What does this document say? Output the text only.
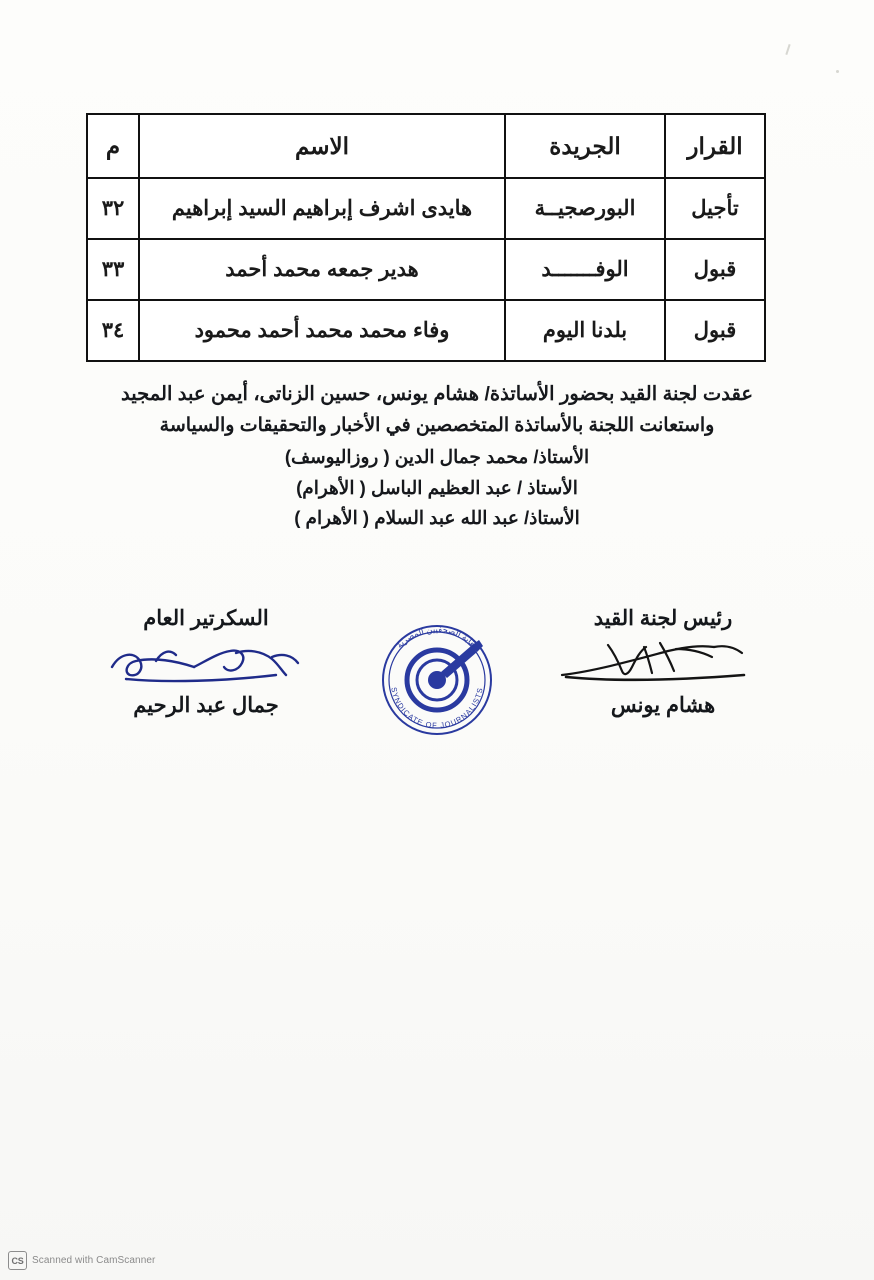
القرار	الجريدة	الاسم	م
تأجيل	البورصجيــة	هايدى اشرف إبراهيم السيد إبراهيم	٣٢
قبول	الوفـــــــد	هدير جمعه محمد أحمد	٣٣
قبول	بلدنا اليوم	وفاء محمد محمد أحمد محمود	٣٤

عقدت لجنة القيد بحضور الأساتذة/ هشام يونس، حسين الزناتى، أيمن عبد المجيد

واستعانت اللجنة بالأساتذة المتخصصين في الأخبار والتحقيقات والسياسة

الأستاذ/ محمد جمال الدين ( روزاليوسف)

الأستاذ / عبد العظيم الباسل ( الأهرام)

الأستاذ/ عبد الله عبد السلام ( الأهرام )

رئيس لجنة القيد
هشام يونس
السكرتير العام
جمال عبد الرحيم
نقابة الصحفيين المصرية
SYNDICATE OF JOURNALISTS
CS Scanned with CamScanner
